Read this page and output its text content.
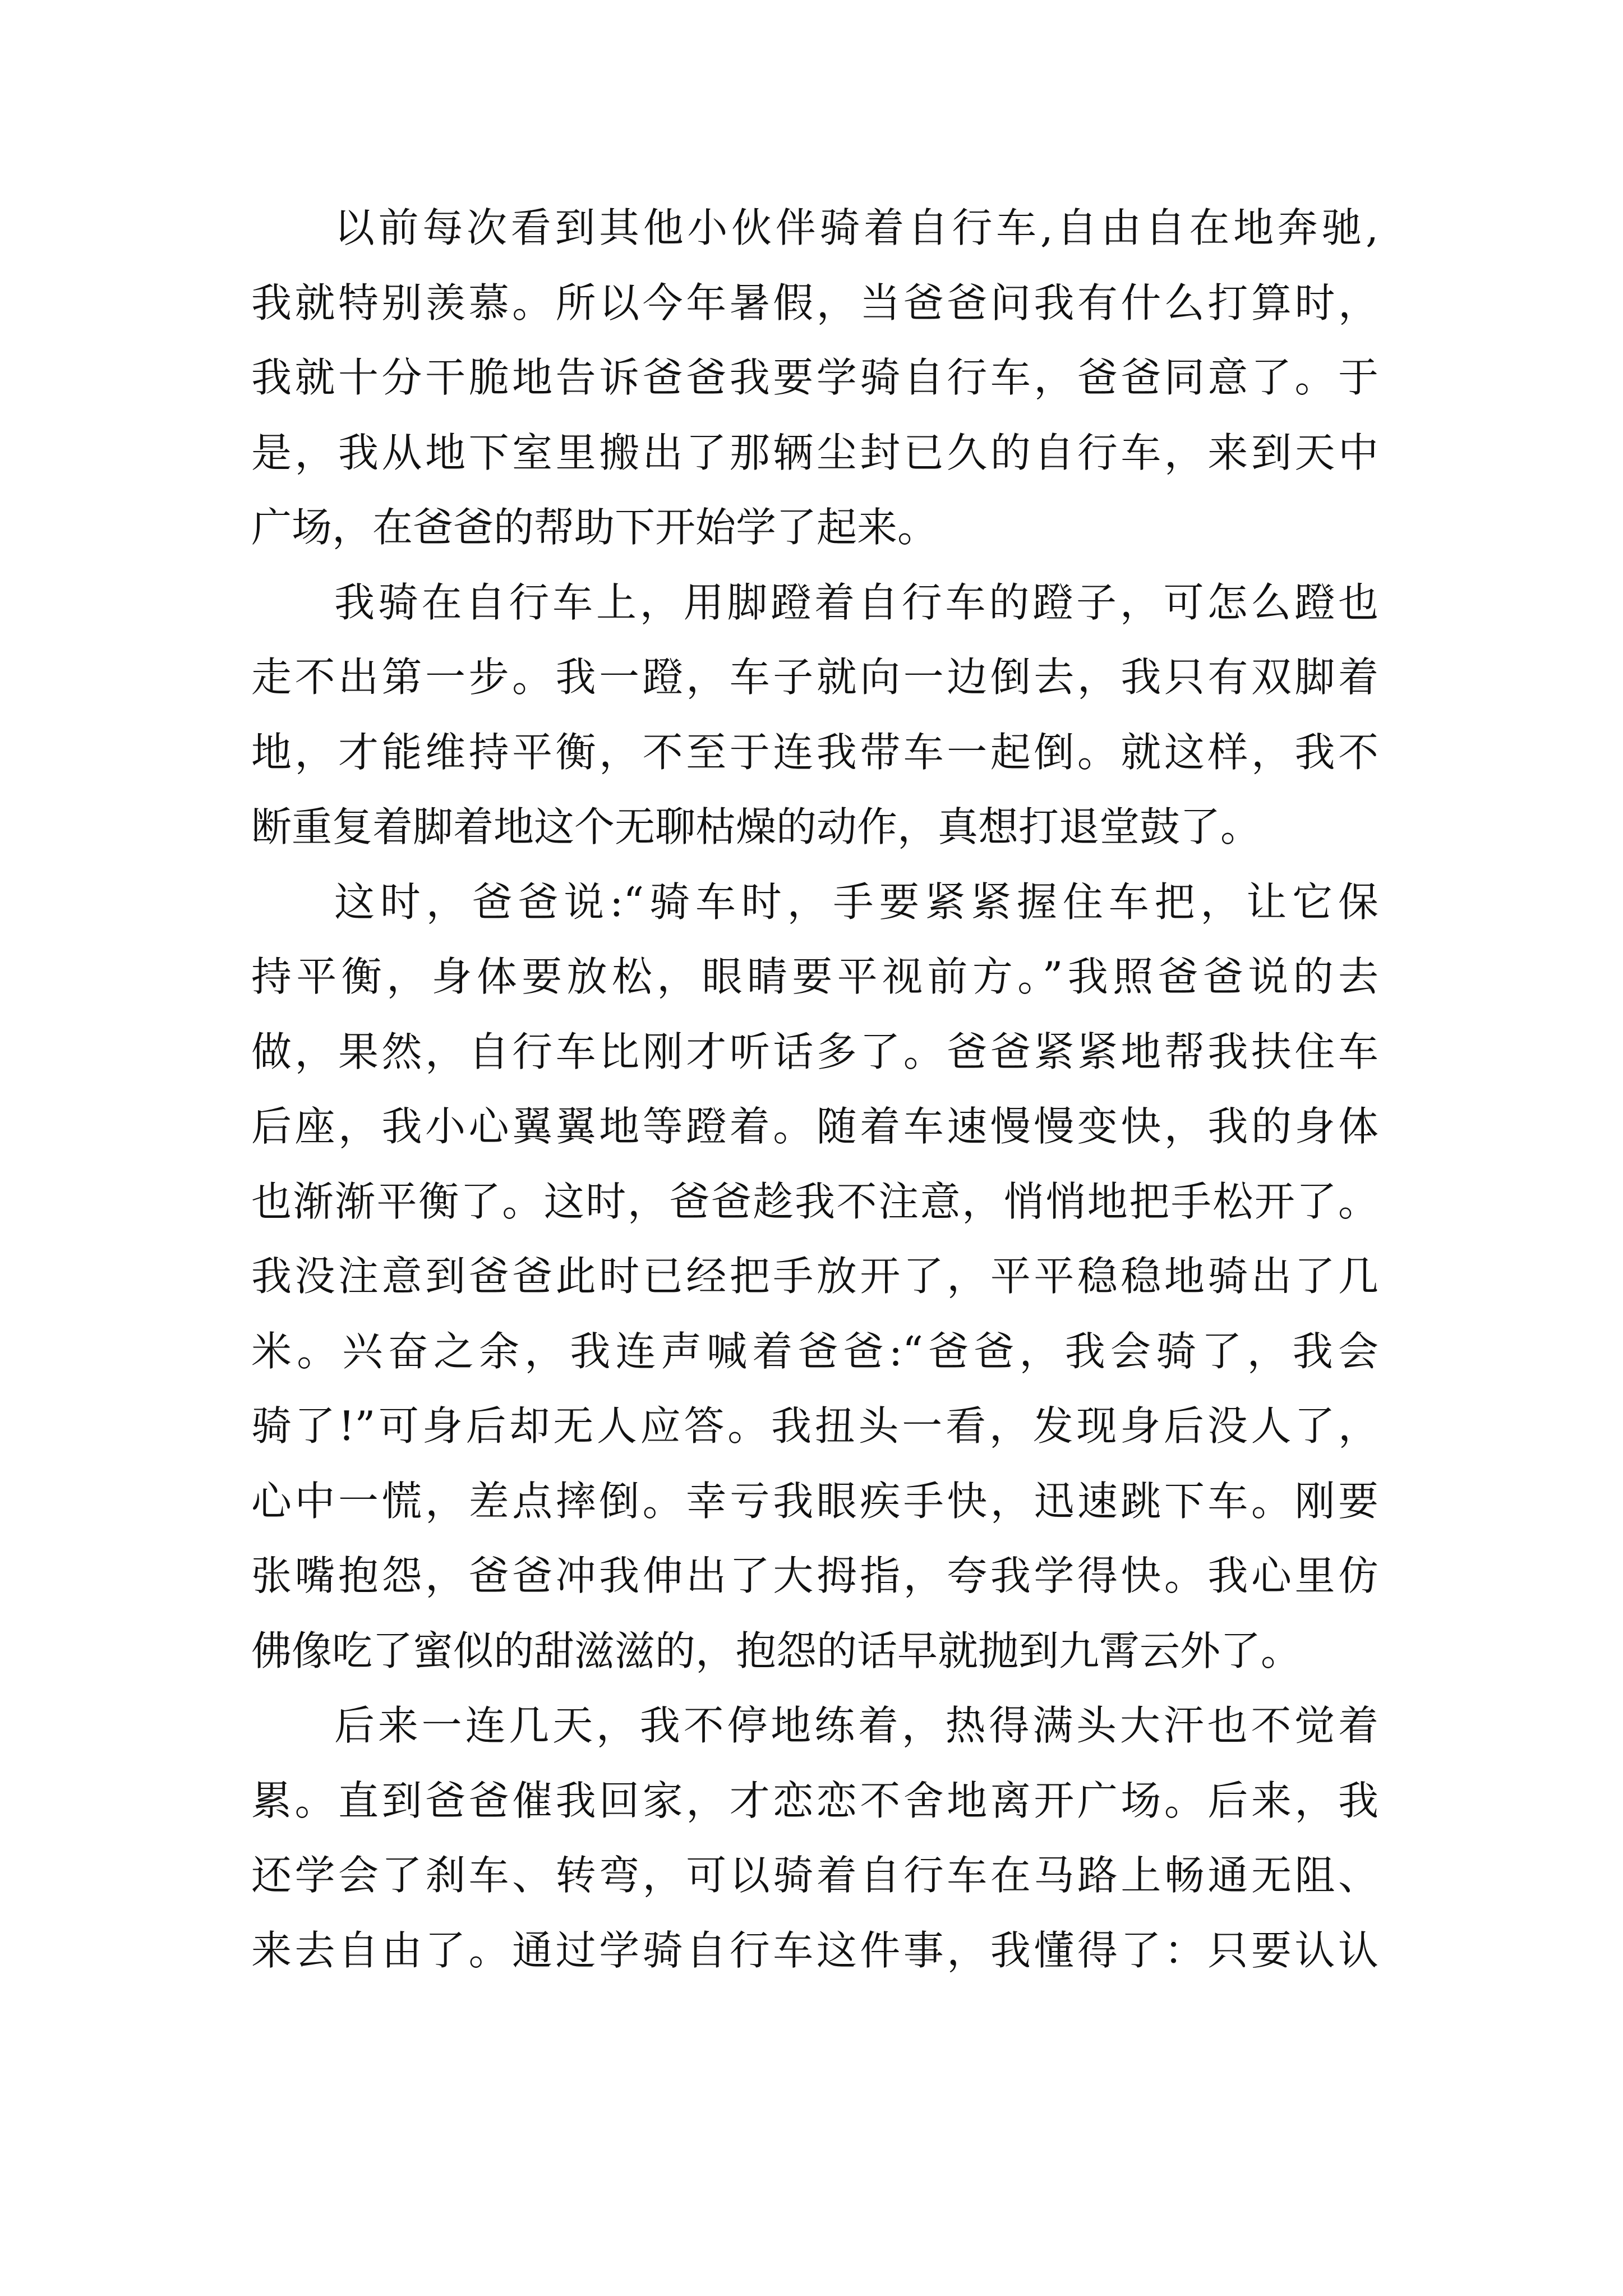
以前每次看到其他小伙伴骑着自行车,自由自在地奔驰,
我就特别羡慕。所以今年暑假，当爸爸问我有什么打算时，
我就十分干脆地告诉爸爸我要学骑自行车，爸爸同意了。于
是，我从地下室里搬出了那辆尘封已久的自行车，来到天中
广场，在爸爸的帮助下开始学了起来。
我骑在自行车上，用脚蹬着自行车的蹬子，可怎么蹬也
走不出第一步。我一蹬，车子就向一边倒去，我只有双脚着
地，才能维持平衡，不至于连我带车一起倒。就这样，我不
断重复着脚着地这个无聊枯燥的动作，真想打退堂鼓了。
这时，爸爸说:“骑车时，手要紧紧握住车把，让它保
持平衡，身体要放松，眼睛要平视前方。”我照爸爸说的去
做，果然，自行车比刚才听话多了。爸爸紧紧地帮我扶住车
后座，我小心翼翼地等蹬着。随着车速慢慢变快，我的身体
也渐渐平衡了。这时，爸爸趁我不注意，悄悄地把手松开了。
我没注意到爸爸此时已经把手放开了，平平稳稳地骑出了几
米。兴奋之余，我连声喊着爸爸:“爸爸，我会骑了，我会
骑了!”可身后却无人应答。我扭头一看，发现身后没人了，
心中一慌，差点摔倒。幸亏我眼疾手快，迅速跳下车。刚要
张嘴抱怨，爸爸冲我伸出了大拇指，夸我学得快。我心里仿
佛像吃了蜜似的甜滋滋的，抱怨的话早就抛到九霄云外了。
后来一连几天，我不停地练着，热得满头大汗也不觉着
累。直到爸爸催我回家，才恋恋不舍地离开广场。后来，我
还学会了刹车、转弯，可以骑着自行车在马路上畅通无阻、
来去自由了。通过学骑自行车这件事，我懂得了：只要认认
